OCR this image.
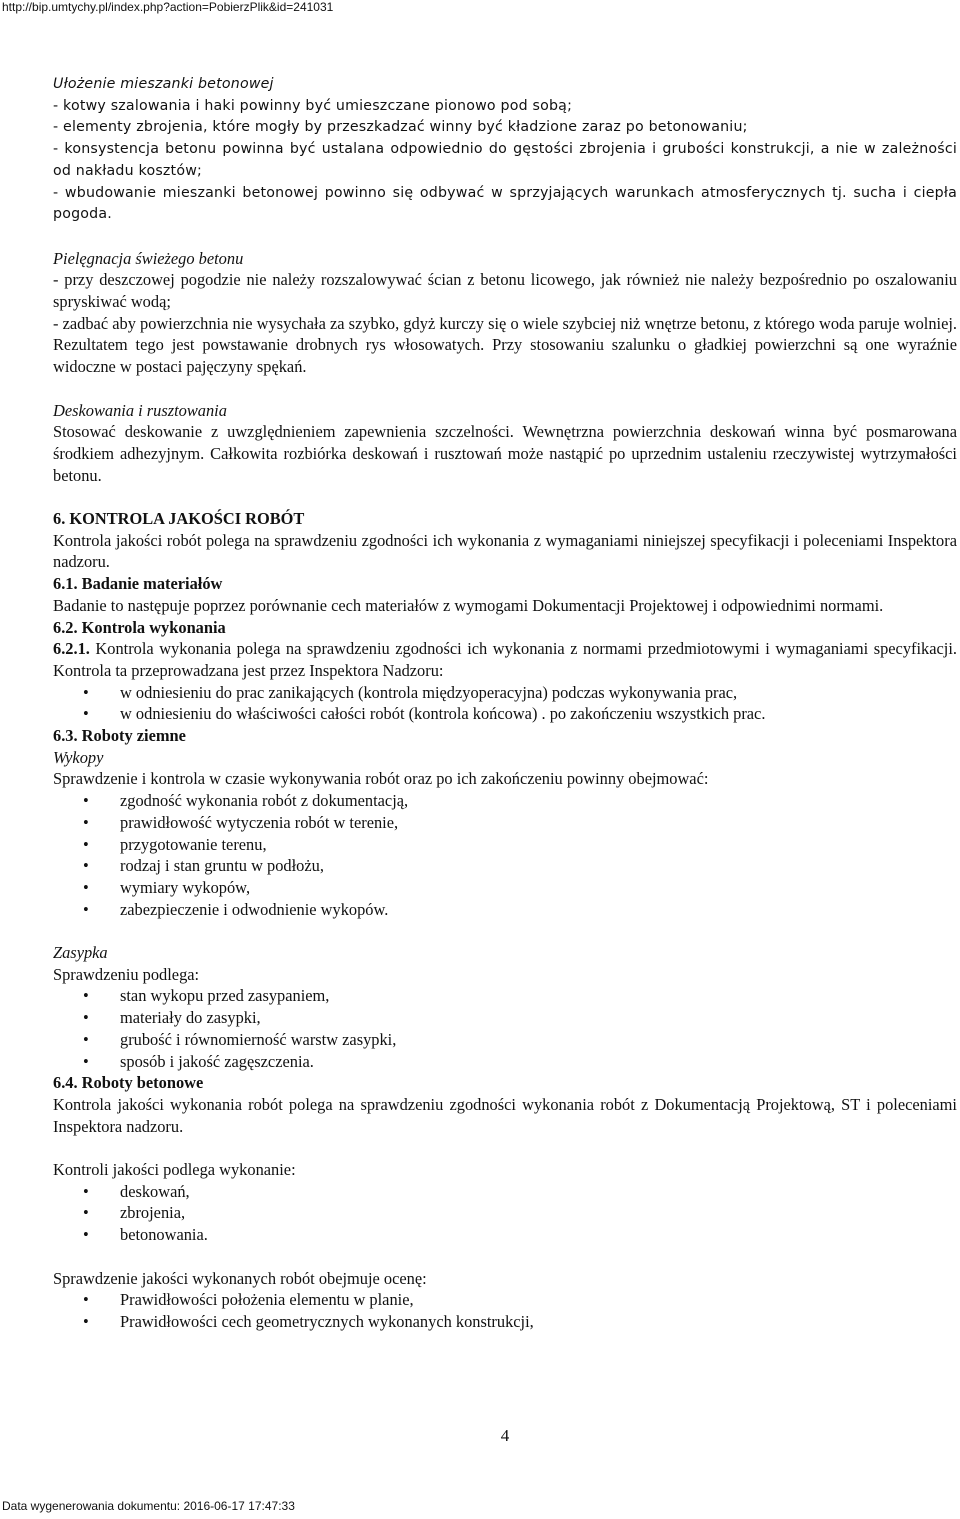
http://bip.umtychy.pl/index.php?action=PobierzPlik&id=241031

Ułożenie mieszanki betonowej

- kotwy szalowania i haki powinny być umieszczane pionowo pod sobą;

- elementy zbrojenia, które mogły by przeszkadzać winny być kładzione zaraz po betonowaniu;

- konsystencja betonu powinna być ustalana odpowiednio do gęstości zbrojenia i grubości konstrukcji, a nie w zależności od nakładu kosztów;

- wbudowanie mieszanki betonowej powinno się odbywać w sprzyjających warunkach atmosferycznych tj. sucha i ciepła pogoda.

Pielęgnacja świeżego betonu

- przy deszczowej pogodzie nie należy rozszalowywać ścian z betonu licowego, jak również nie należy bezpośrednio po oszalowaniu spryskiwać wodą;

- zadbać aby powierzchnia nie wysychała za szybko, gdyż kurczy się o wiele szybciej niż wnętrze betonu, z którego woda paruje wolniej. Rezultatem tego jest powstawanie drobnych rys włosowatych. Przy stosowaniu szalunku o gładkiej powierzchni są one wyraźnie widoczne w postaci pajęczyny spękań.

Deskowania i rusztowania

Stosować deskowanie z uwzględnieniem zapewnienia szczelności. Wewnętrzna powierzchnia deskowań winna być posmarowana środkiem adhezyjnym. Całkowita rozbiórka deskowań i rusztowań może nastąpić po uprzednim ustaleniu rzeczywistej wytrzymałości betonu.

6. KONTROLA JAKOŚCI ROBÓT

Kontrola jakości robót polega na sprawdzeniu zgodności ich wykonania z wymaganiami niniejszej specyfikacji i poleceniami Inspektora nadzoru.

6.1. Badanie materiałów

Badanie to następuje poprzez porównanie cech materiałów z wymogami Dokumentacji Projektowej i odpowiednimi normami.

6.2. Kontrola wykonania

6.2.1. Kontrola wykonania polega na sprawdzeniu zgodności ich wykonania z normami przedmiotowymi i wymaganiami specyfikacji. Kontrola ta przeprowadzana jest przez Inspektora Nadzoru:

• w odniesieniu do prac zanikających (kontrola międzyoperacyjna) podczas wykonywania prac,
• w odniesieniu do właściwości całości robót (kontrola końcowa) . po zakończeniu wszystkich prac.

6.3. Roboty ziemne

Wykopy

Sprawdzenie i kontrola w czasie wykonywania robót oraz po ich zakończeniu powinny obejmować:

• zgodność wykonania robót z dokumentacją,
• prawidłowość wytyczenia robót w terenie,
• przygotowanie terenu,
• rodzaj i stan gruntu w podłożu,
• wymiary wykopów,
• zabezpieczenie i odwodnienie wykopów.

Zasypka

Sprawdzeniu podlega:

• stan wykopu przed zasypaniem,
• materiały do zasypki,
• grubość i równomierność warstw zasypki,
• sposób i jakość zagęszczenia.

6.4. Roboty betonowe

Kontrola jakości wykonania robót polega na sprawdzeniu zgodności wykonania robót z Dokumentacją Projektową, ST i poleceniami Inspektora nadzoru.

Kontroli jakości podlega wykonanie:

• deskowań,
• zbrojenia,
• betonowania.

Sprawdzenie jakości wykonanych robót obejmuje ocenę:

• Prawidłowości położenia elementu w planie,
• Prawidłowości cech geometrycznych wykonanych konstrukcji,
4
Data wygenerowania dokumentu: 2016-06-17 17:47:33
